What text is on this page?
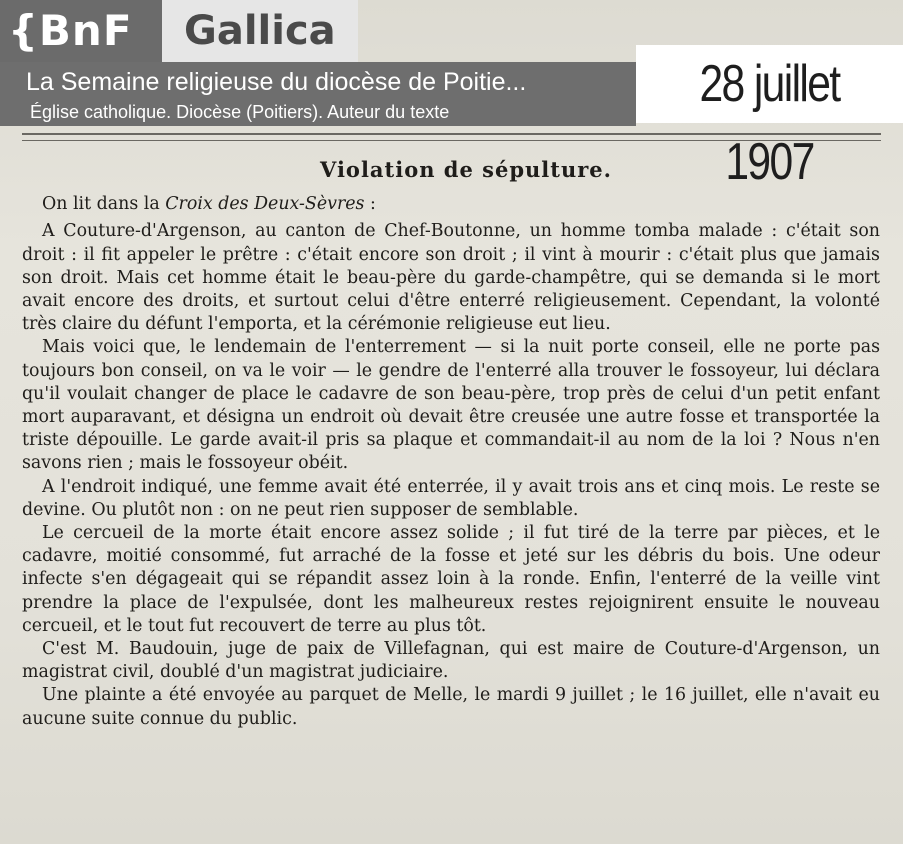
Violation de sépulture.

On lit dans la Croix des Deux-Sèvres :

A Couture-d'Argenson, au canton de Chef-Boutonne, un homme tomba malade : c'était son droit : il fit appeler le prêtre : c'était encore son droit ; il vint à mourir : c'était plus que jamais son droit. Mais cet homme était le beau-père du garde-champêtre, qui se demanda si le mort avait encore des droits, et surtout celui d'être enterré religieusement. Cependant, la volonté très claire du défunt l'emporta, et la cérémonie religieuse eut lieu.

Mais voici que, le lendemain de l'enterrement — si la nuit porte conseil, elle ne porte pas toujours bon conseil, on va le voir — le gendre de l'enterré alla trouver le fossoyeur, lui déclara qu'il voulait changer de place le cadavre de son beau-père, trop près de celui d'un petit enfant mort auparavant, et désigna un endroit où devait être creusée une autre fosse et transportée la triste dépouille. Le garde avait-il pris sa plaque et commandait-il au nom de la loi ? Nous n'en savons rien ; mais le fossoyeur obéit.

A l'endroit indiqué, une femme avait été enterrée, il y avait trois ans et cinq mois. Le reste se devine. Ou plutôt non : on ne peut rien supposer de semblable.

Le cercueil de la morte était encore assez solide ; il fut tiré de la terre par pièces, et le cadavre, moitié consommé, fut arraché de la fosse et jeté sur les débris du bois. Une odeur infecte s'en dégageait qui se répandit assez loin à la ronde. Enfin, l'enterré de la veille vint prendre la place de l'expulsée, dont les malheureux restes rejoignirent ensuite le nouveau cercueil, et le tout fut recouvert de terre au plus tôt.

C'est M. Baudouin, juge de paix de Villefagnan, qui est maire de Couture-d'Argenson, un magistrat civil, doublé d'un magistrat judiciaire.

Une plainte a été envoyée au parquet de Melle, le mardi 9 juillet ; le 16 juillet, elle n'avait eu aucune suite connue du public.

{BnF	Gallica
La Semaine religieuse du diocèse de Poitie...
Église catholique. Diocèse (Poitiers). Auteur du texte	28 juillet 1907
